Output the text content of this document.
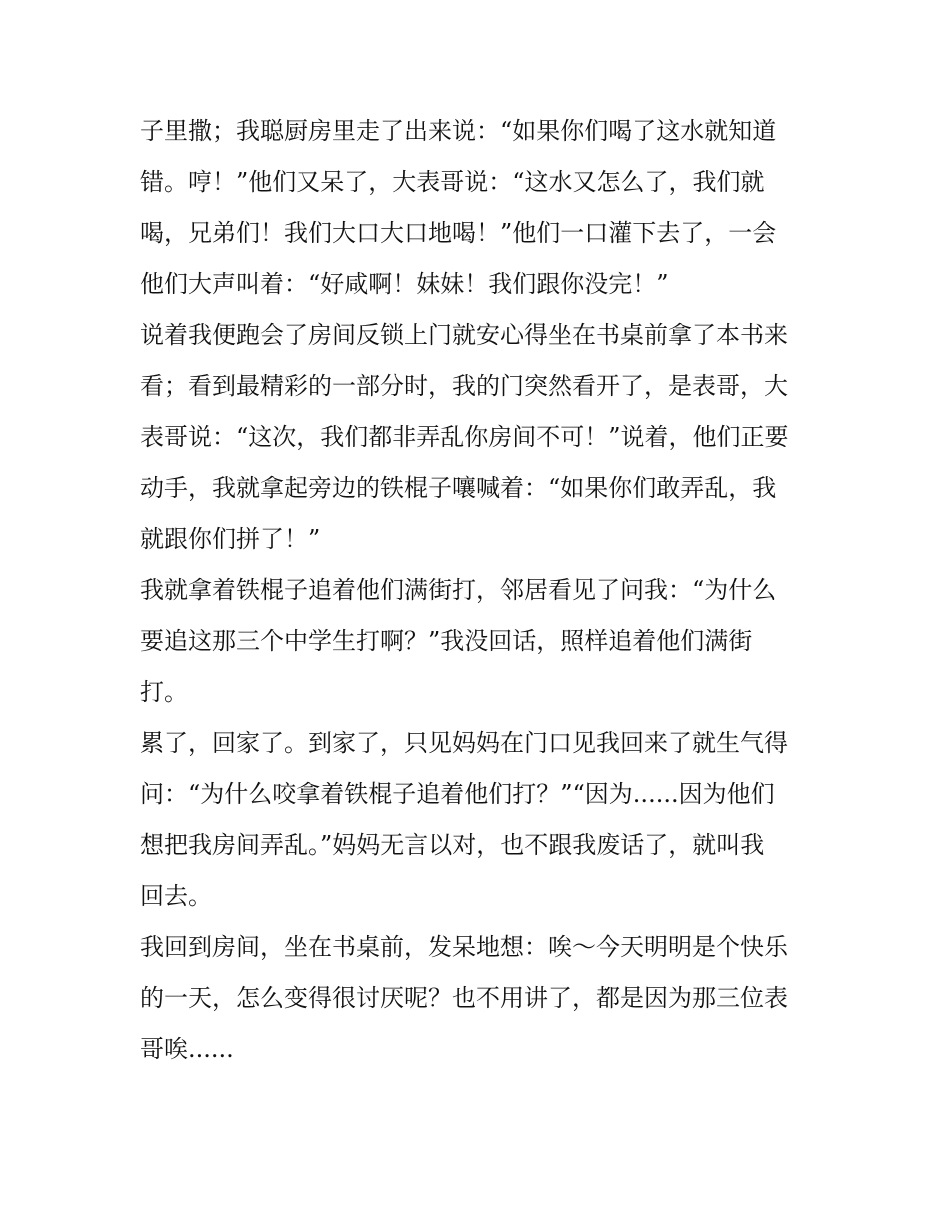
子里撒；我聪厨房里走了出来说：“如果你们喝了这水就知道
错。哼！”他们又呆了，大表哥说：“这水又怎么了，我们就
喝，兄弟们！我们大口大口地喝！”他们一口灌下去了，一会
他们大声叫着：“好咸啊！妹妹！我们跟你没完！”
说着我便跑会了房间反锁上门就安心得坐在书桌前拿了本书来
看；看到最精彩的一部分时，我的门突然看开了，是表哥，大
表哥说：“这次，我们都非弄乱你房间不可！”说着，他们正要
动手，我就拿起旁边的铁棍子嚷喊着：“如果你们敢弄乱，我
就跟你们拼了！”
我就拿着铁棍子追着他们满街打，邻居看见了问我：“为什么
要追这那三个中学生打啊？”我没回话，照样追着他们满街
打。
累了，回家了。到家了，只见妈妈在门口见我回来了就生气得
问：“为什么咬拿着铁棍子追着他们打？”“因为......因为他们
想把我房间弄乱。”妈妈无言以对，也不跟我废话了，就叫我
回去。
我回到房间，坐在书桌前，发呆地想：唉～今天明明是个快乐
的一天，怎么变得很讨厌呢？也不用讲了，都是因为那三位表
哥唉......
